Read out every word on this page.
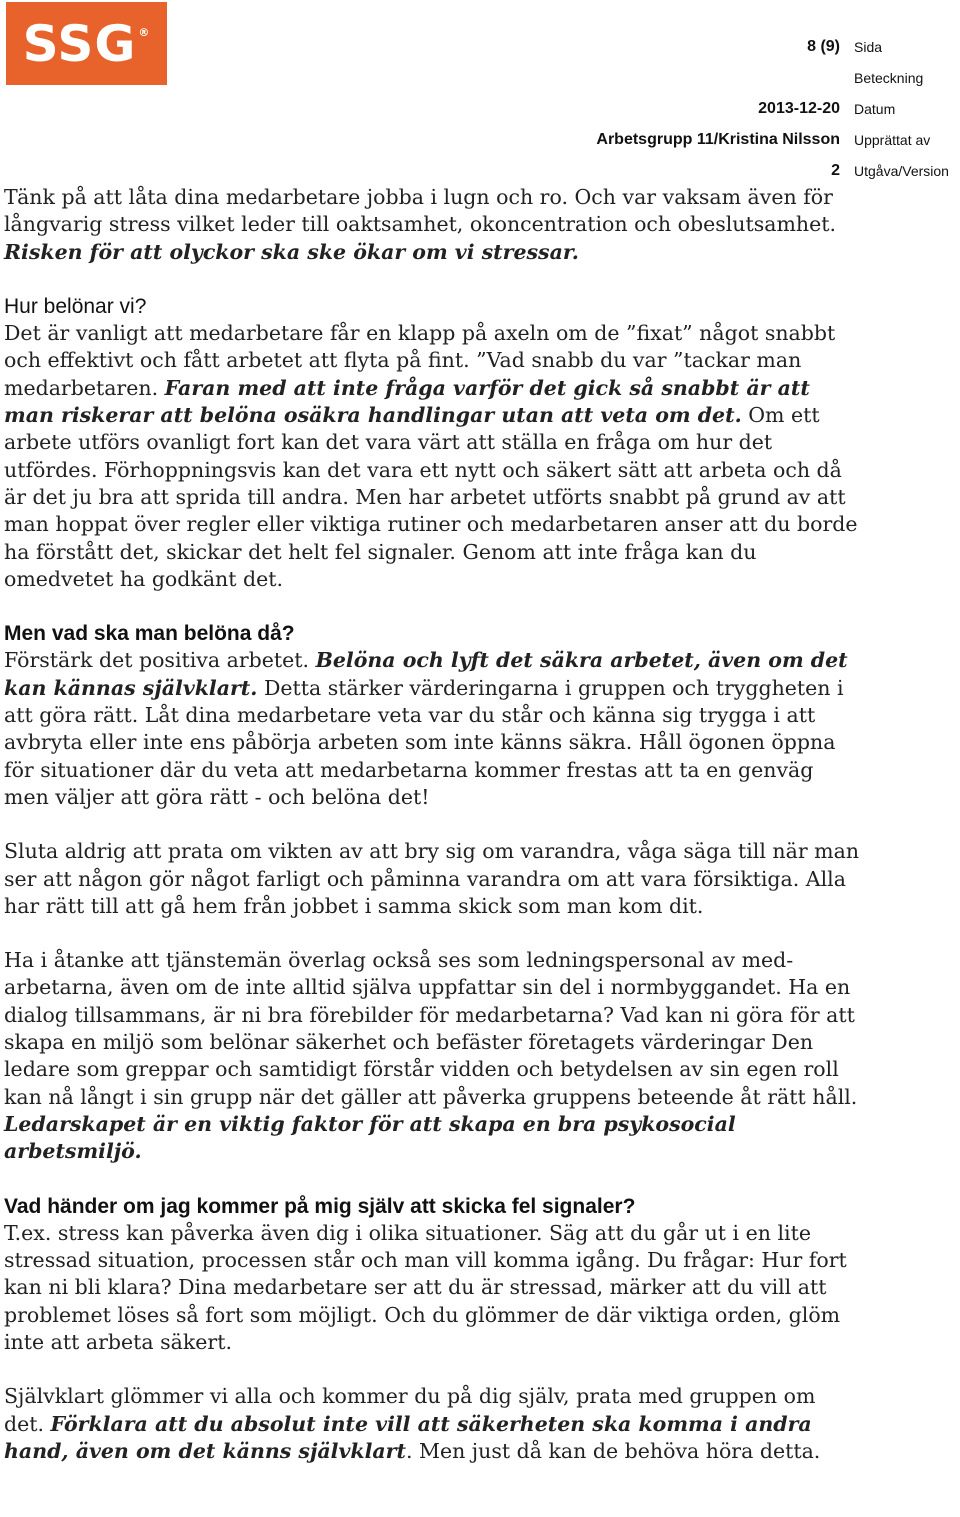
SSG ®
8 (9)	Sida
Beteckning
2013-12-20	Datum
Arbetsgrupp 11/Kristina Nilsson	Upprättat av
2	Utgåva/Version

Tänk på att låta dina medarbetare jobba i lugn och ro. Och var vaksam även för långvarig stress vilket leder till oaktsamhet, okoncentration och obeslutsamhet. Risken för att olyckor ska ske ökar om vi stressar.

Hur belönar vi?

Det är vanligt att medarbetare får en klapp på axeln om de ”fixat” något snabbt och effektivt och fått arbetet att flyta på fint. ”Vad snabb du var ”tackar man medarbetaren. Faran med att inte fråga varför det gick så snabbt är att man riskerar att belöna osäkra handlingar utan att veta om det. Om ett arbete utförs ovanligt fort kan det vara värt att ställa en fråga om hur det utfördes. Förhoppningsvis kan det vara ett nytt och säkert sätt att arbeta och då är det ju bra att sprida till andra. Men har arbetet utförts snabbt på grund av att man hoppat över regler eller viktiga rutiner och medarbetaren anser att du borde ha förstått det, skickar det helt fel signaler. Genom att inte fråga kan du omedvetet ha godkänt det.

Men vad ska man belöna då?

Förstärk det positiva arbetet. Belöna och lyft det säkra arbetet, även om det kan kännas självklart. Detta stärker värderingarna i gruppen och tryggheten i att göra rätt. Låt dina medarbetare veta var du står och känna sig trygga i att avbryta eller inte ens påbörja arbeten som inte känns säkra. Håll ögonen öppna för situationer där du veta att medarbetarna kommer frestas att ta en genväg men väljer att göra rätt - och belöna det!

Sluta aldrig att prata om vikten av att bry sig om varandra, våga säga till när man ser att någon gör något farligt och påminna varandra om att vara försiktiga. Alla har rätt till att gå hem från jobbet i samma skick som man kom dit.

Ha i åtanke att tjänstemän överlag också ses som ledningspersonal av med-arbetarna, även om de inte alltid själva uppfattar sin del i normbyggandet. Ha en dialog tillsammans, är ni bra förebilder för medarbetarna? Vad kan ni göra för att skapa en miljö som belönar säkerhet och befäster företagets värderingar Den ledare som greppar och samtidigt förstår vidden och betydelsen av sin egen roll kan nå långt i sin grupp när det gäller att påverka gruppens beteende åt rätt håll. Ledarskapet är en viktig faktor för att skapa en bra psykosocial arbetsmiljö.

Vad händer om jag kommer på mig själv att skicka fel signaler?

T.ex. stress kan påverka även dig i olika situationer. Säg att du går ut i en lite stressad situation, processen står och man vill komma igång. Du frågar: Hur fort kan ni bli klara? Dina medarbetare ser att du är stressad, märker att du vill att problemet löses så fort som möjligt. Och du glömmer de där viktiga orden, glöm inte att arbeta säkert.

Självklart glömmer vi alla och kommer du på dig själv, prata med gruppen om det. Förklara att du absolut inte vill att säkerheten ska komma i andra hand, även om det känns självklart. Men just då kan de behöva höra detta.
